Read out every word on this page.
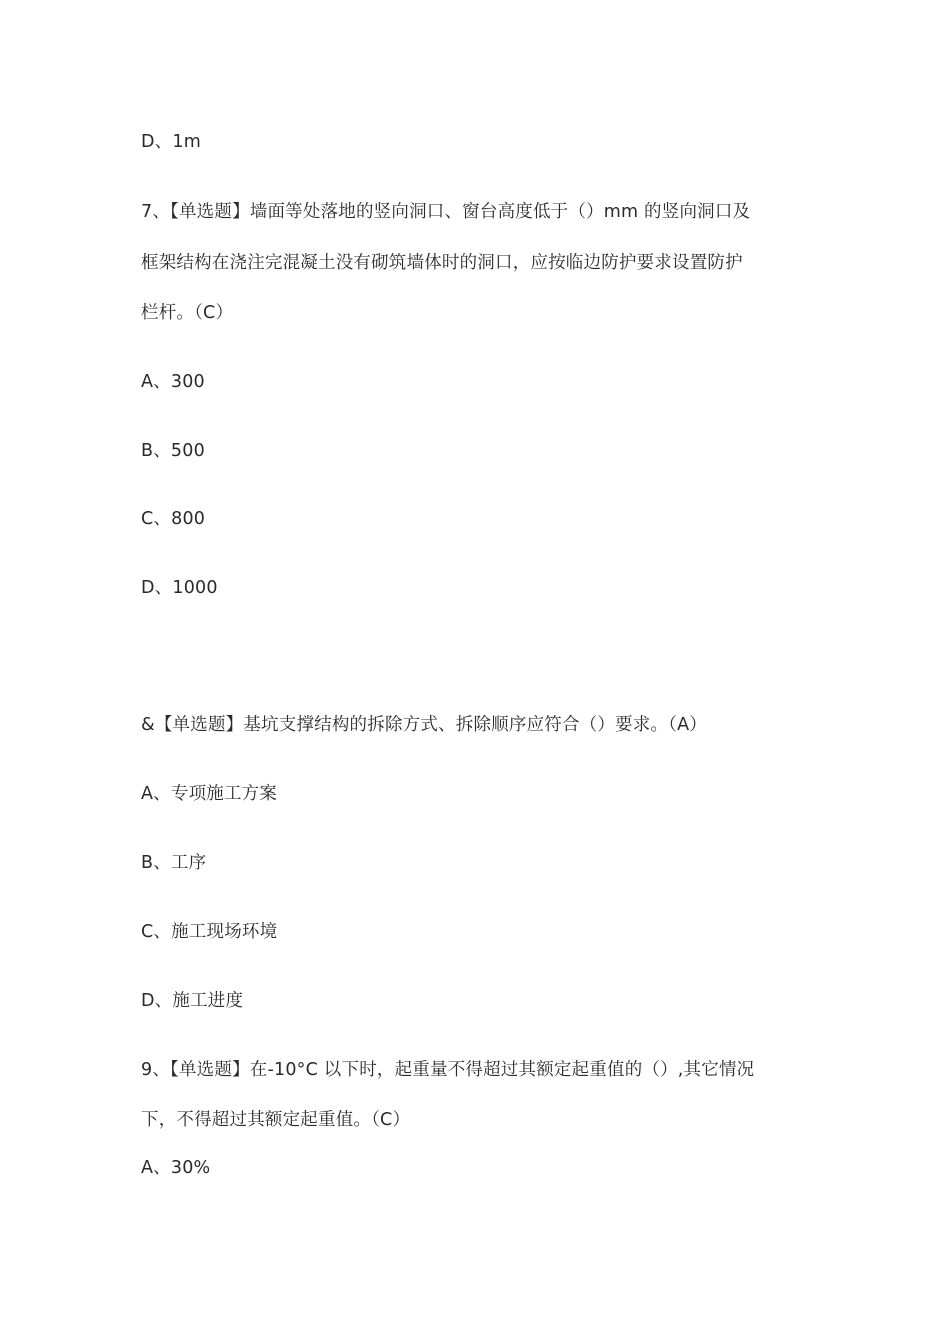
D、1m
7、【单选题】墙面等处落地的竖向洞口、窗台高度低于（）mm 的竖向洞口及
框架结构在浇注完混凝土没有砌筑墙体时的洞口，应按临边防护要求设置防护
栏杆。（C）
A、300
B、500
C、800
D、1000
&【单选题】基坑支撑结构的拆除方式、拆除顺序应符合（）要求。（A）
A、专项施工方案
B、工序
C、施工现场环境
D、施工进度
9、【单选题】在-10°C 以下时，起重量不得超过其额定起重值的（）,其它情况
下，不得超过其额定起重值。（C）
A、30%
